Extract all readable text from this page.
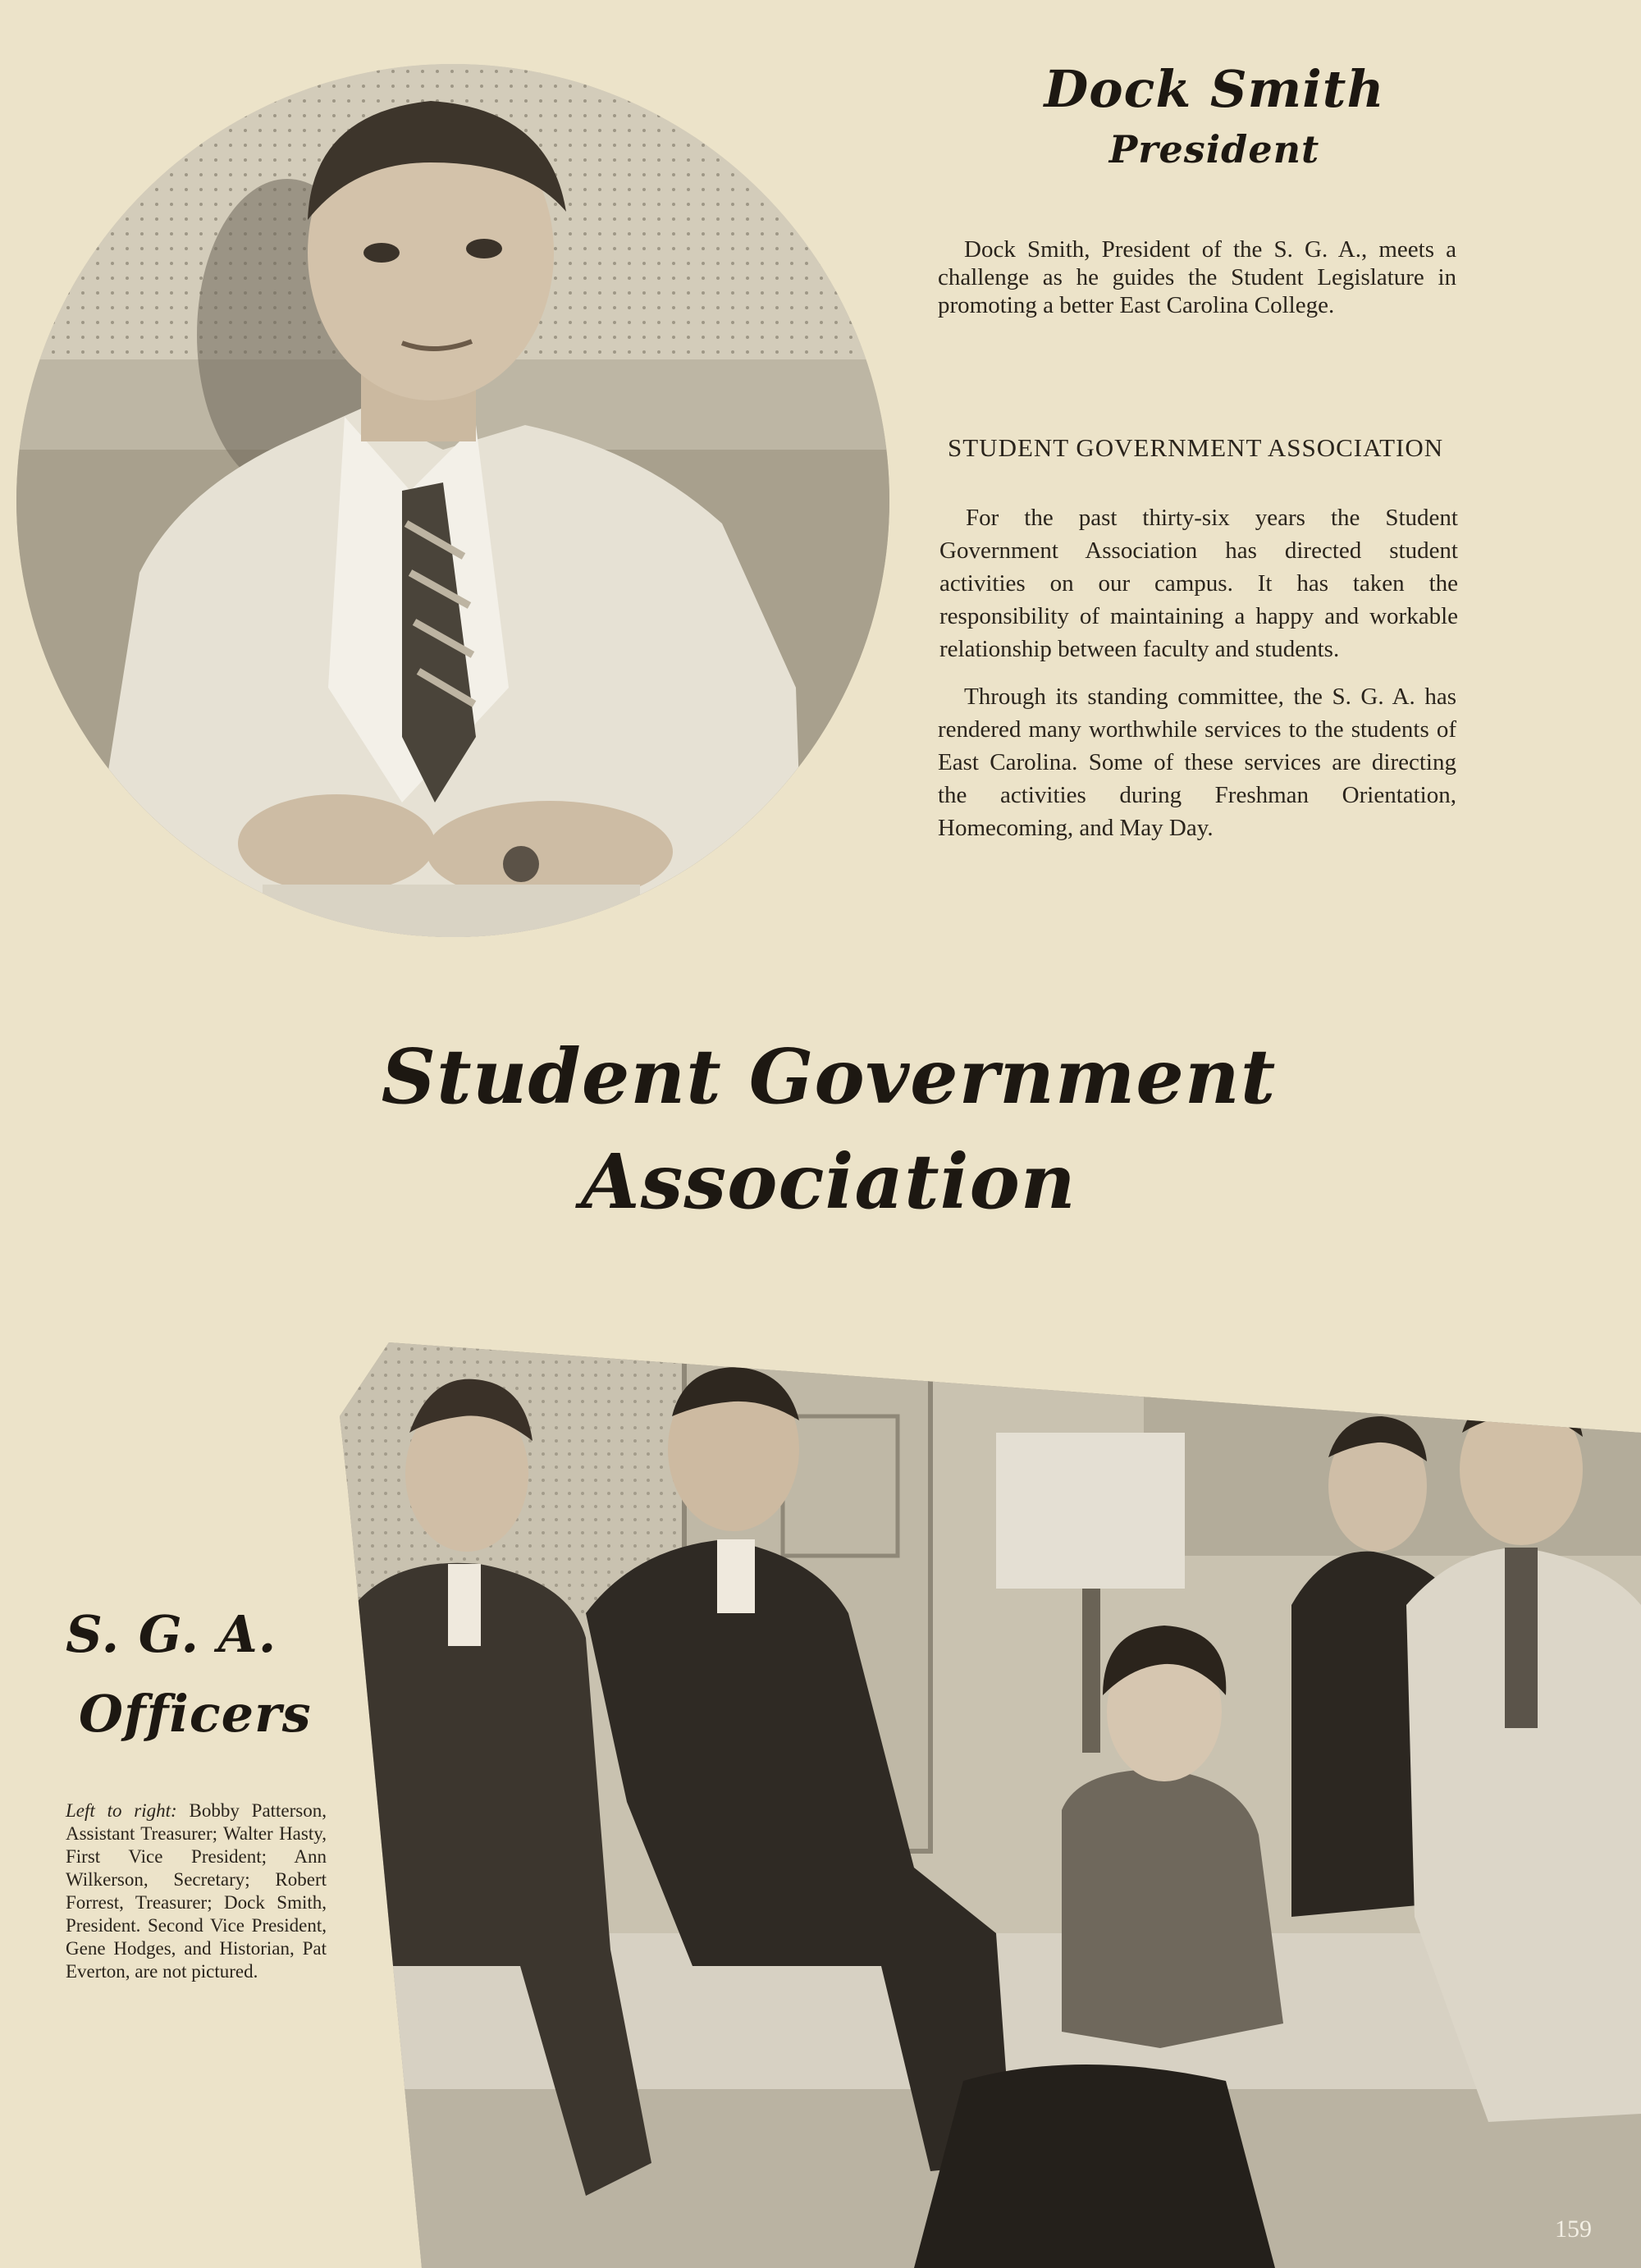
Dock Smith
President

Dock Smith, President of the S. G. A., meets a challenge as he guides the Student Legislature in promoting a better East Carolina College.

STUDENT GOVERNMENT ASSOCIATION

For the past thirty-six years the Student Government Association has directed student activities on our campus. It has taken the responsibility of maintaining a happy and workable relationship between faculty and students.

Through its standing committee, the S. G. A. has rendered many worthwhile services to the students of East Carolina. Some of these services are directing the activities during Freshman Orientation, Homecoming, and May Day.

Student Government
Association
S. G. A.
Officers

Left to right: Bobby Patterson, Assistant Treasurer; Walter Hasty, First Vice President; Ann Wilkerson, Secretary; Robert Forrest, Treasurer; Dock Smith, President. Second Vice President, Gene Hodges, and Historian, Pat Everton, are not pictured.

159
